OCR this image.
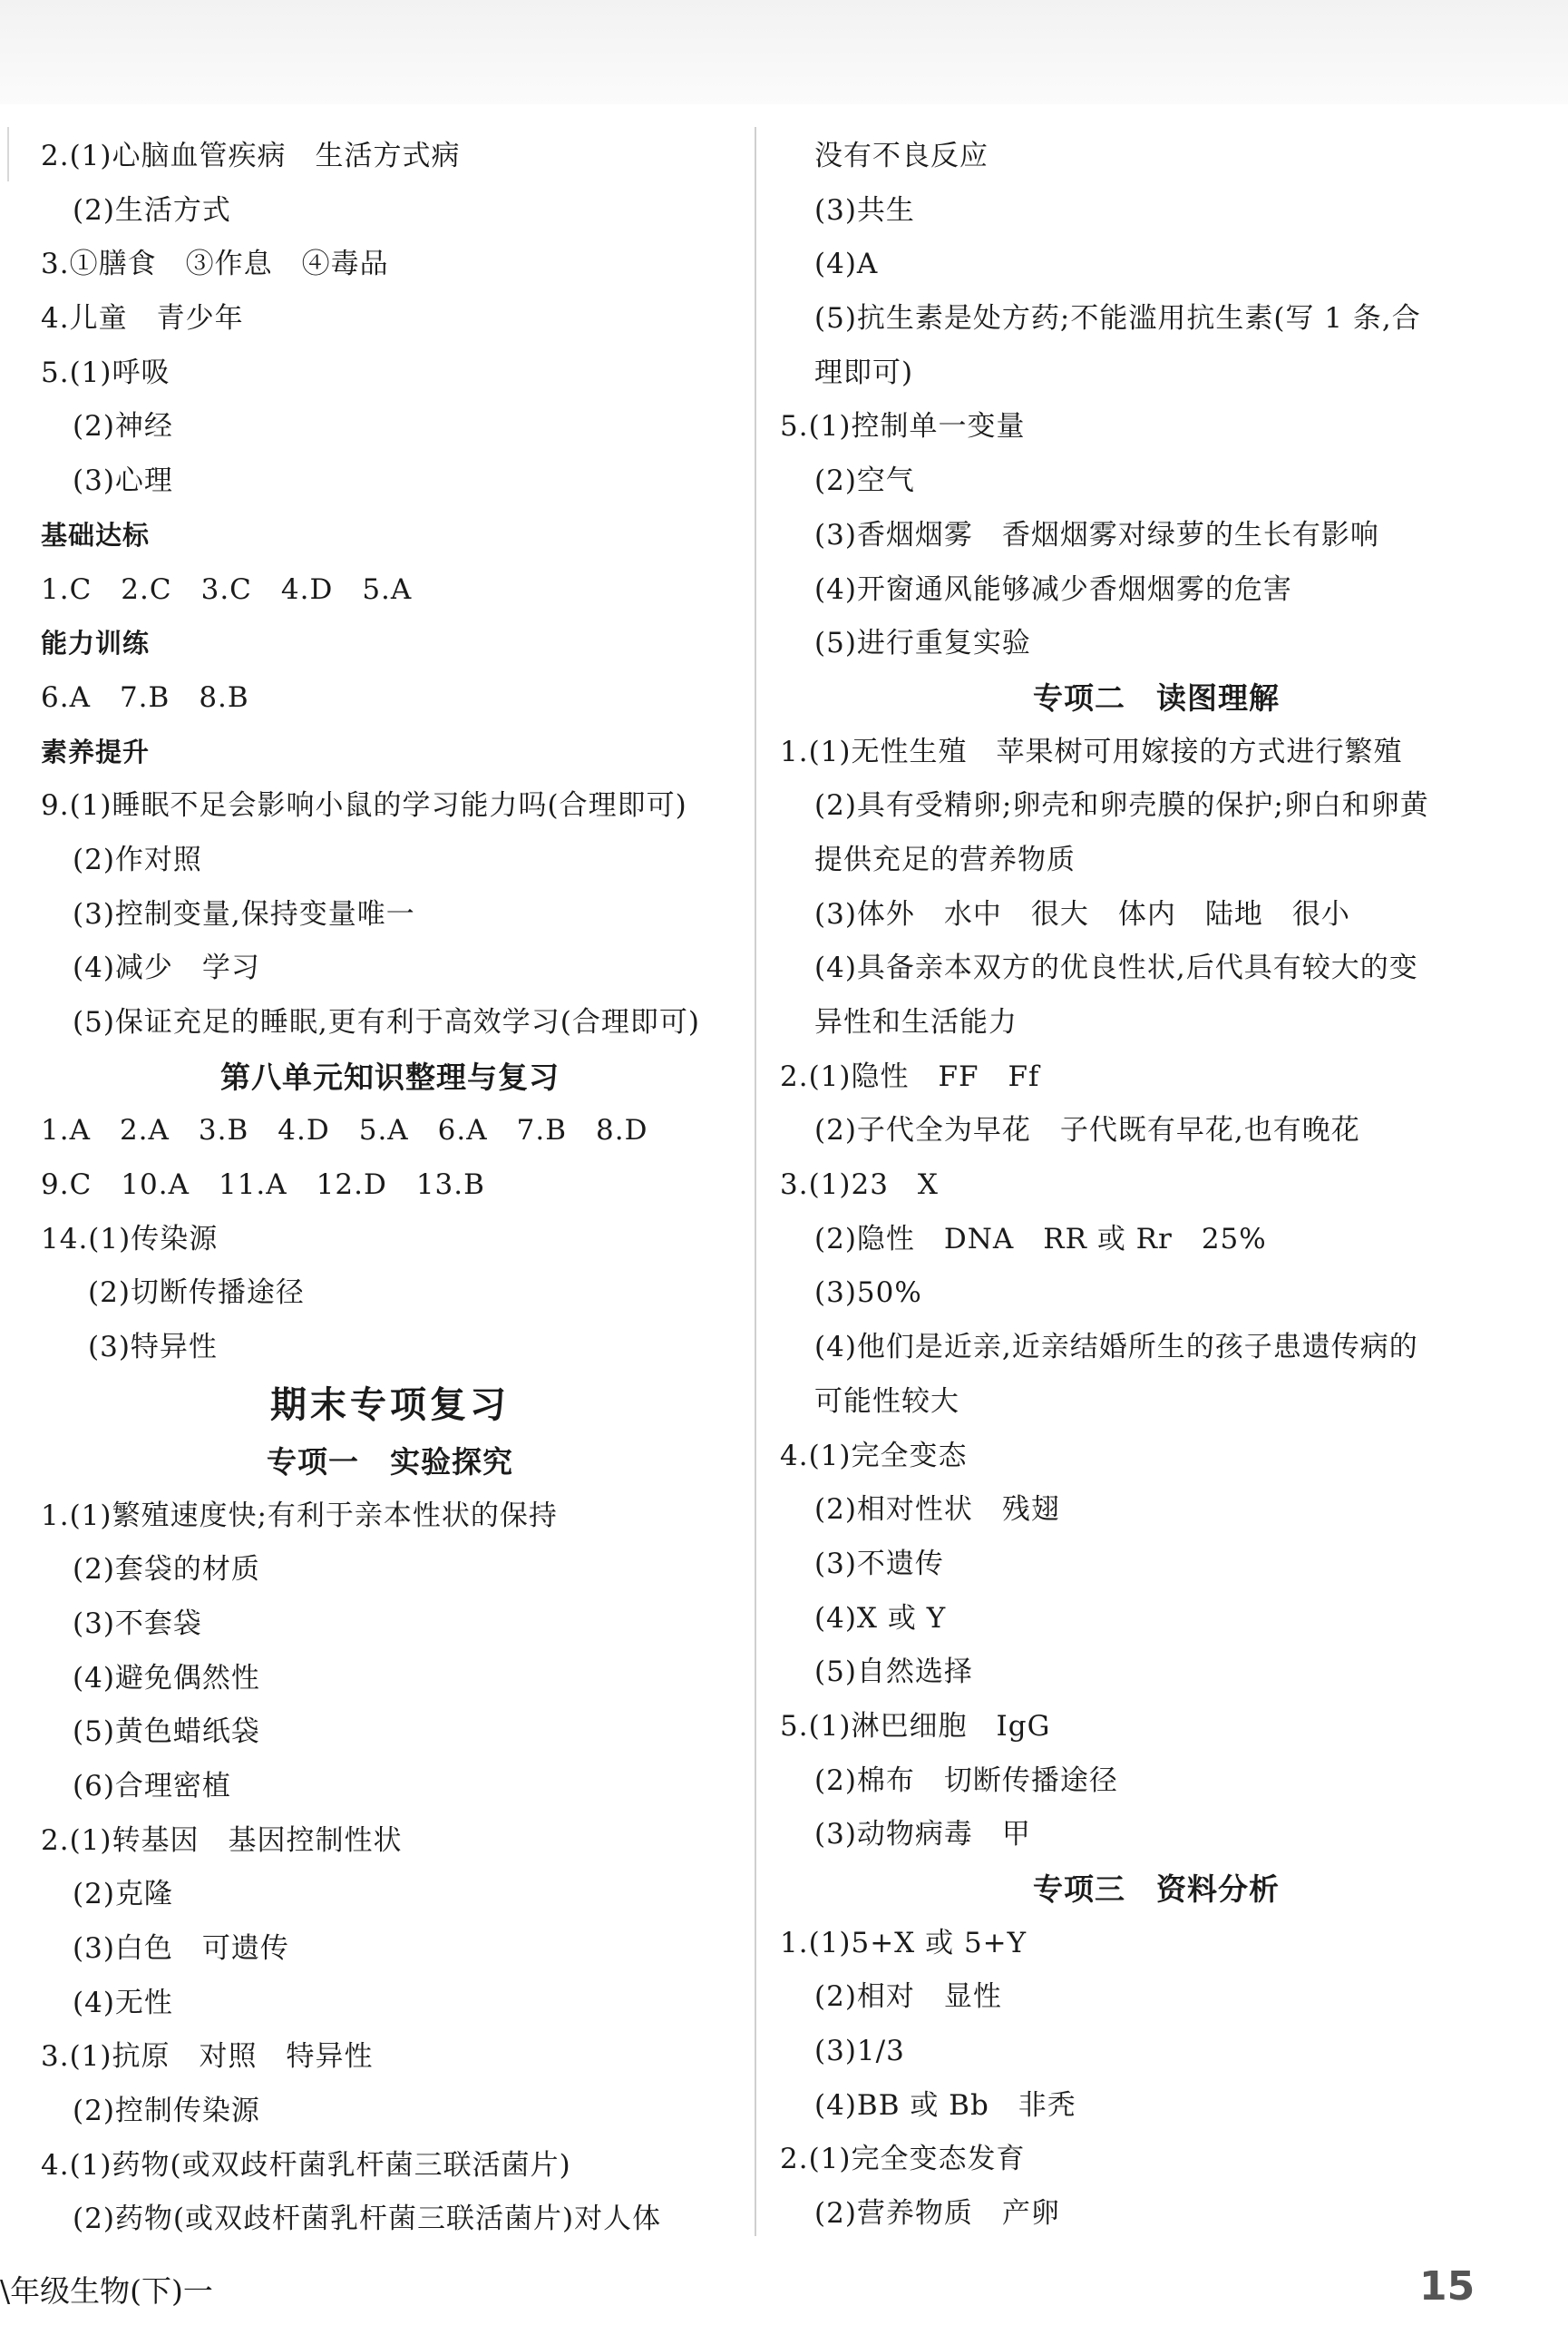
2.(1)心脑血管疾病　生活方式病
(2)生活方式
3.①膳食　③作息　④毒品
4.儿童　青少年
5.(1)呼吸
(2)神经
(3)心理
基础达标
1.C　2.C　3.C　4.D　5.A
能力训练
6.A　7.B　8.B
素养提升
9.(1)睡眠不足会影响小鼠的学习能力吗(合理即可)
(2)作对照
(3)控制变量,保持变量唯一
(4)减少　学习
(5)保证充足的睡眠,更有利于高效学习(合理即可)
第八单元知识整理与复习
1.A　2.A　3.B　4.D　5.A　6.A　7.B　8.D
9.C　10.A　11.A　12.D　13.B
14.(1)传染源
(2)切断传播途径
(3)特异性
期末专项复习
专项一　实验探究
1.(1)繁殖速度快;有利于亲本性状的保持
(2)套袋的材质
(3)不套袋
(4)避免偶然性
(5)黄色蜡纸袋
(6)合理密植
2.(1)转基因　基因控制性状
(2)克隆
(3)白色　可遗传
(4)无性
3.(1)抗原　对照　特异性
(2)控制传染源
4.(1)药物(或双歧杆菌乳杆菌三联活菌片)
(2)药物(或双歧杆菌乳杆菌三联活菌片)对人体
没有不良反应
(3)共生
(4)A
(5)抗生素是处方药;不能滥用抗生素(写 1 条,合
理即可)
5.(1)控制单一变量
(2)空气
(3)香烟烟雾　香烟烟雾对绿萝的生长有影响
(4)开窗通风能够减少香烟烟雾的危害
(5)进行重复实验
专项二　读图理解
1.(1)无性生殖　苹果树可用嫁接的方式进行繁殖
(2)具有受精卵;卵壳和卵壳膜的保护;卵白和卵黄
提供充足的营养物质
(3)体外　水中　很大　体内　陆地　很小
(4)具备亲本双方的优良性状,后代具有较大的变
异性和生活能力
2.(1)隐性　FF　Ff
(2)子代全为早花　子代既有早花,也有晚花
3.(1)23　X
(2)隐性　DNA　RR 或 Rr　25%
(3)50%
(4)他们是近亲,近亲结婚所生的孩子患遗传病的
可能性较大
4.(1)完全变态
(2)相对性状　残翅
(3)不遗传
(4)X 或 Y
(5)自然选择
5.(1)淋巴细胞　IgG
(2)棉布　切断传播途径
(3)动物病毒　甲
专项三　资料分析
1.(1)5+X 或 5+Y
(2)相对　显性
(3)1/3
(4)BB 或 Bb　非秃
2.(1)完全变态发育
(2)营养物质　产卵
\年级生物(下)一	15
